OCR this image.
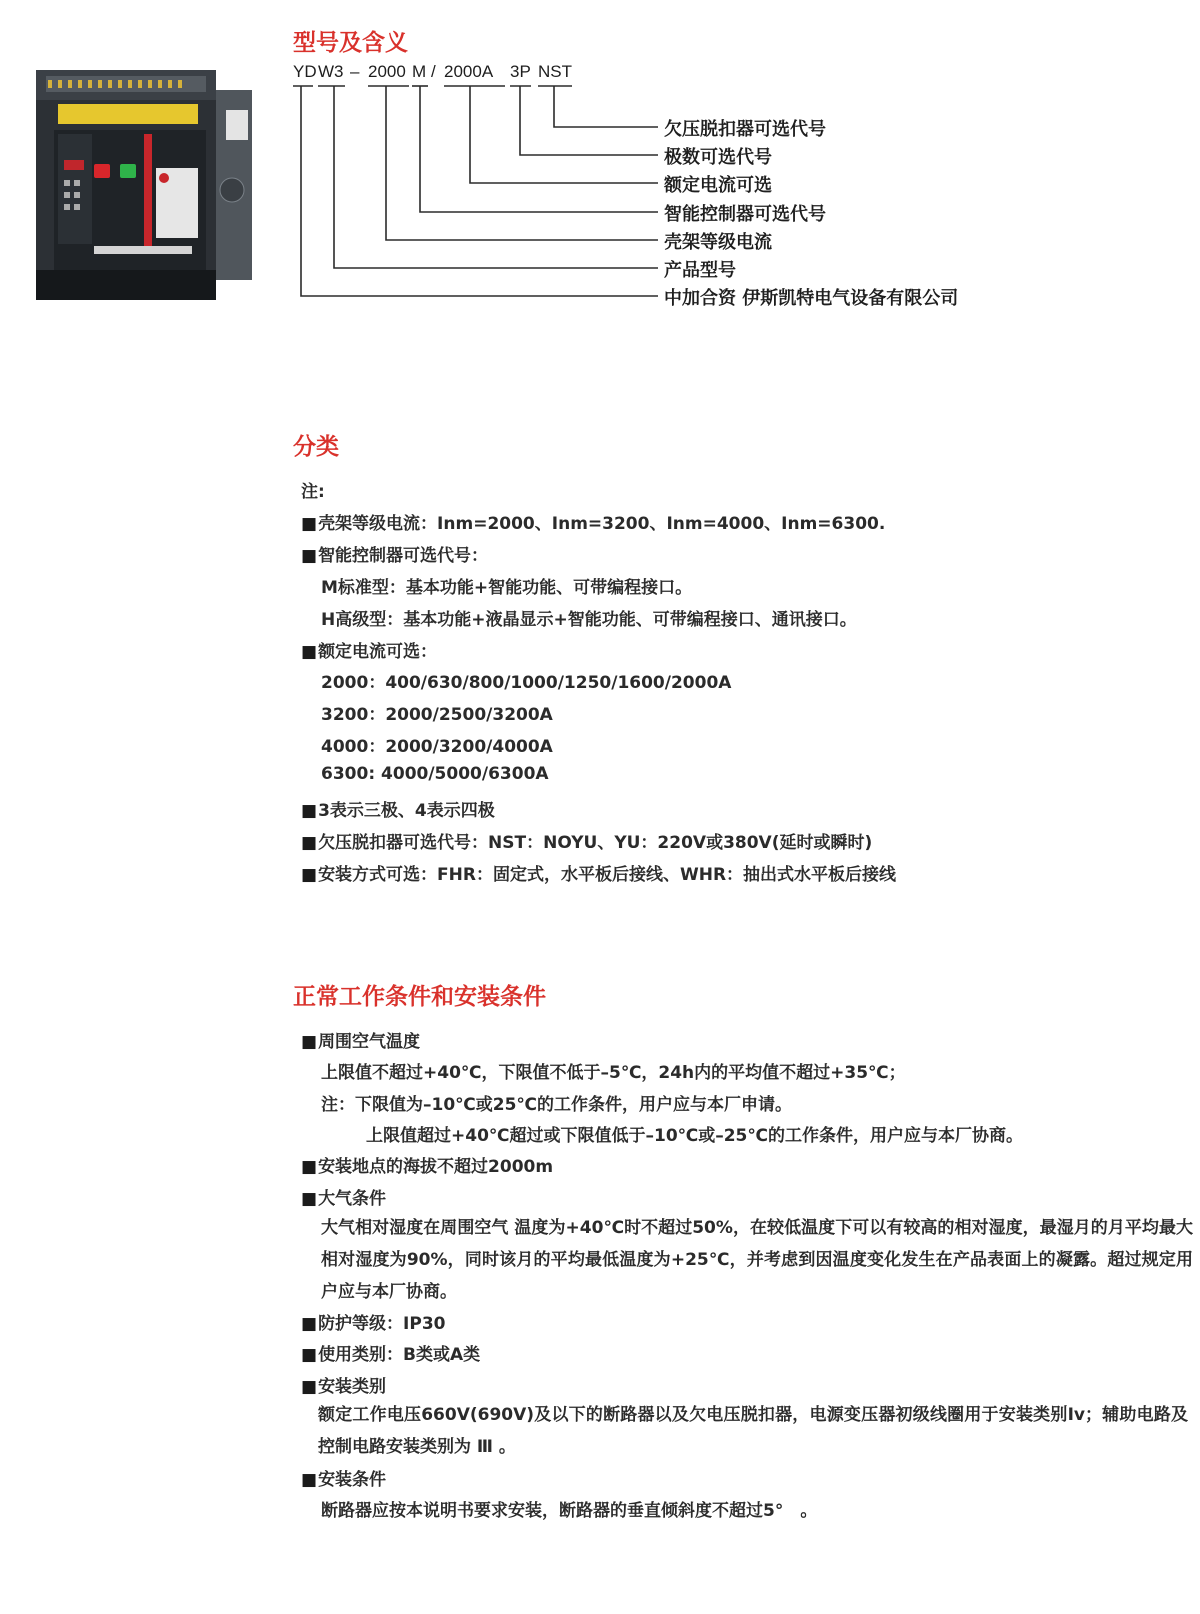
型号及含义
YD W3 – 2000 M / 2000A 3P NST
欠压脱扣器可选代号
极数可选代号
额定电流可选
智能控制器可选代号
壳架等级电流
产品型号
中加合资 伊斯凯特电气设备有限公司
分类
注:
■壳架等级电流：Inm=2000、Inm=3200、Inm=4000、Inm=6300.
■智能控制器可选代号：
M标准型：基本功能+智能功能、可带编程接口。
H高级型：基本功能+液晶显示+智能功能、可带编程接口、通讯接口。
■额定电流可选：
2000：400/630/800/1000/1250/1600/2000A
3200：2000/2500/3200A
4000：2000/3200/4000A
6300: 4000/5000/6300A
■3表示三极、4表示四极
■欠压脱扣器可选代号：NST：NOYU、YU：220V或380V(延时或瞬时)
■安装方式可选：FHR：固定式，水平板后接线、WHR：抽出式水平板后接线
正常工作条件和安装条件
■周围空气温度
上限值不超过+40℃，下限值不低于–5℃，24h内的平均值不超过+35℃；
注：下限值为–10℃或25℃的工作条件，用户应与本厂申请。
上限值超过+40℃超过或下限值低于–10℃或–25℃的工作条件，用户应与本厂协商。
■安装地点的海拔不超过2000m
■大气条件
大气相对湿度在周围空气 温度为+40℃时不超过50%，在较低温度下可以有较高的相对湿度，最湿月的月平均最大相对湿度为90%，同时该月的平均最低温度为+25℃，并考虑到因温度变化发生在产品表面上的凝露。超过规定用户应与本厂协商。
■防护等级：IP30
■使用类别：B类或A类
■安装类别
额定工作电压660V(690V)及以下的断路器以及欠电压脱扣器，电源变压器初级线圈用于安装类别Iv；辅助电路及控制电路安装类别为 Ⅲ 。
■安装条件
断路器应按本说明书要求安装，断路器的垂直倾斜度不超过5°　。
